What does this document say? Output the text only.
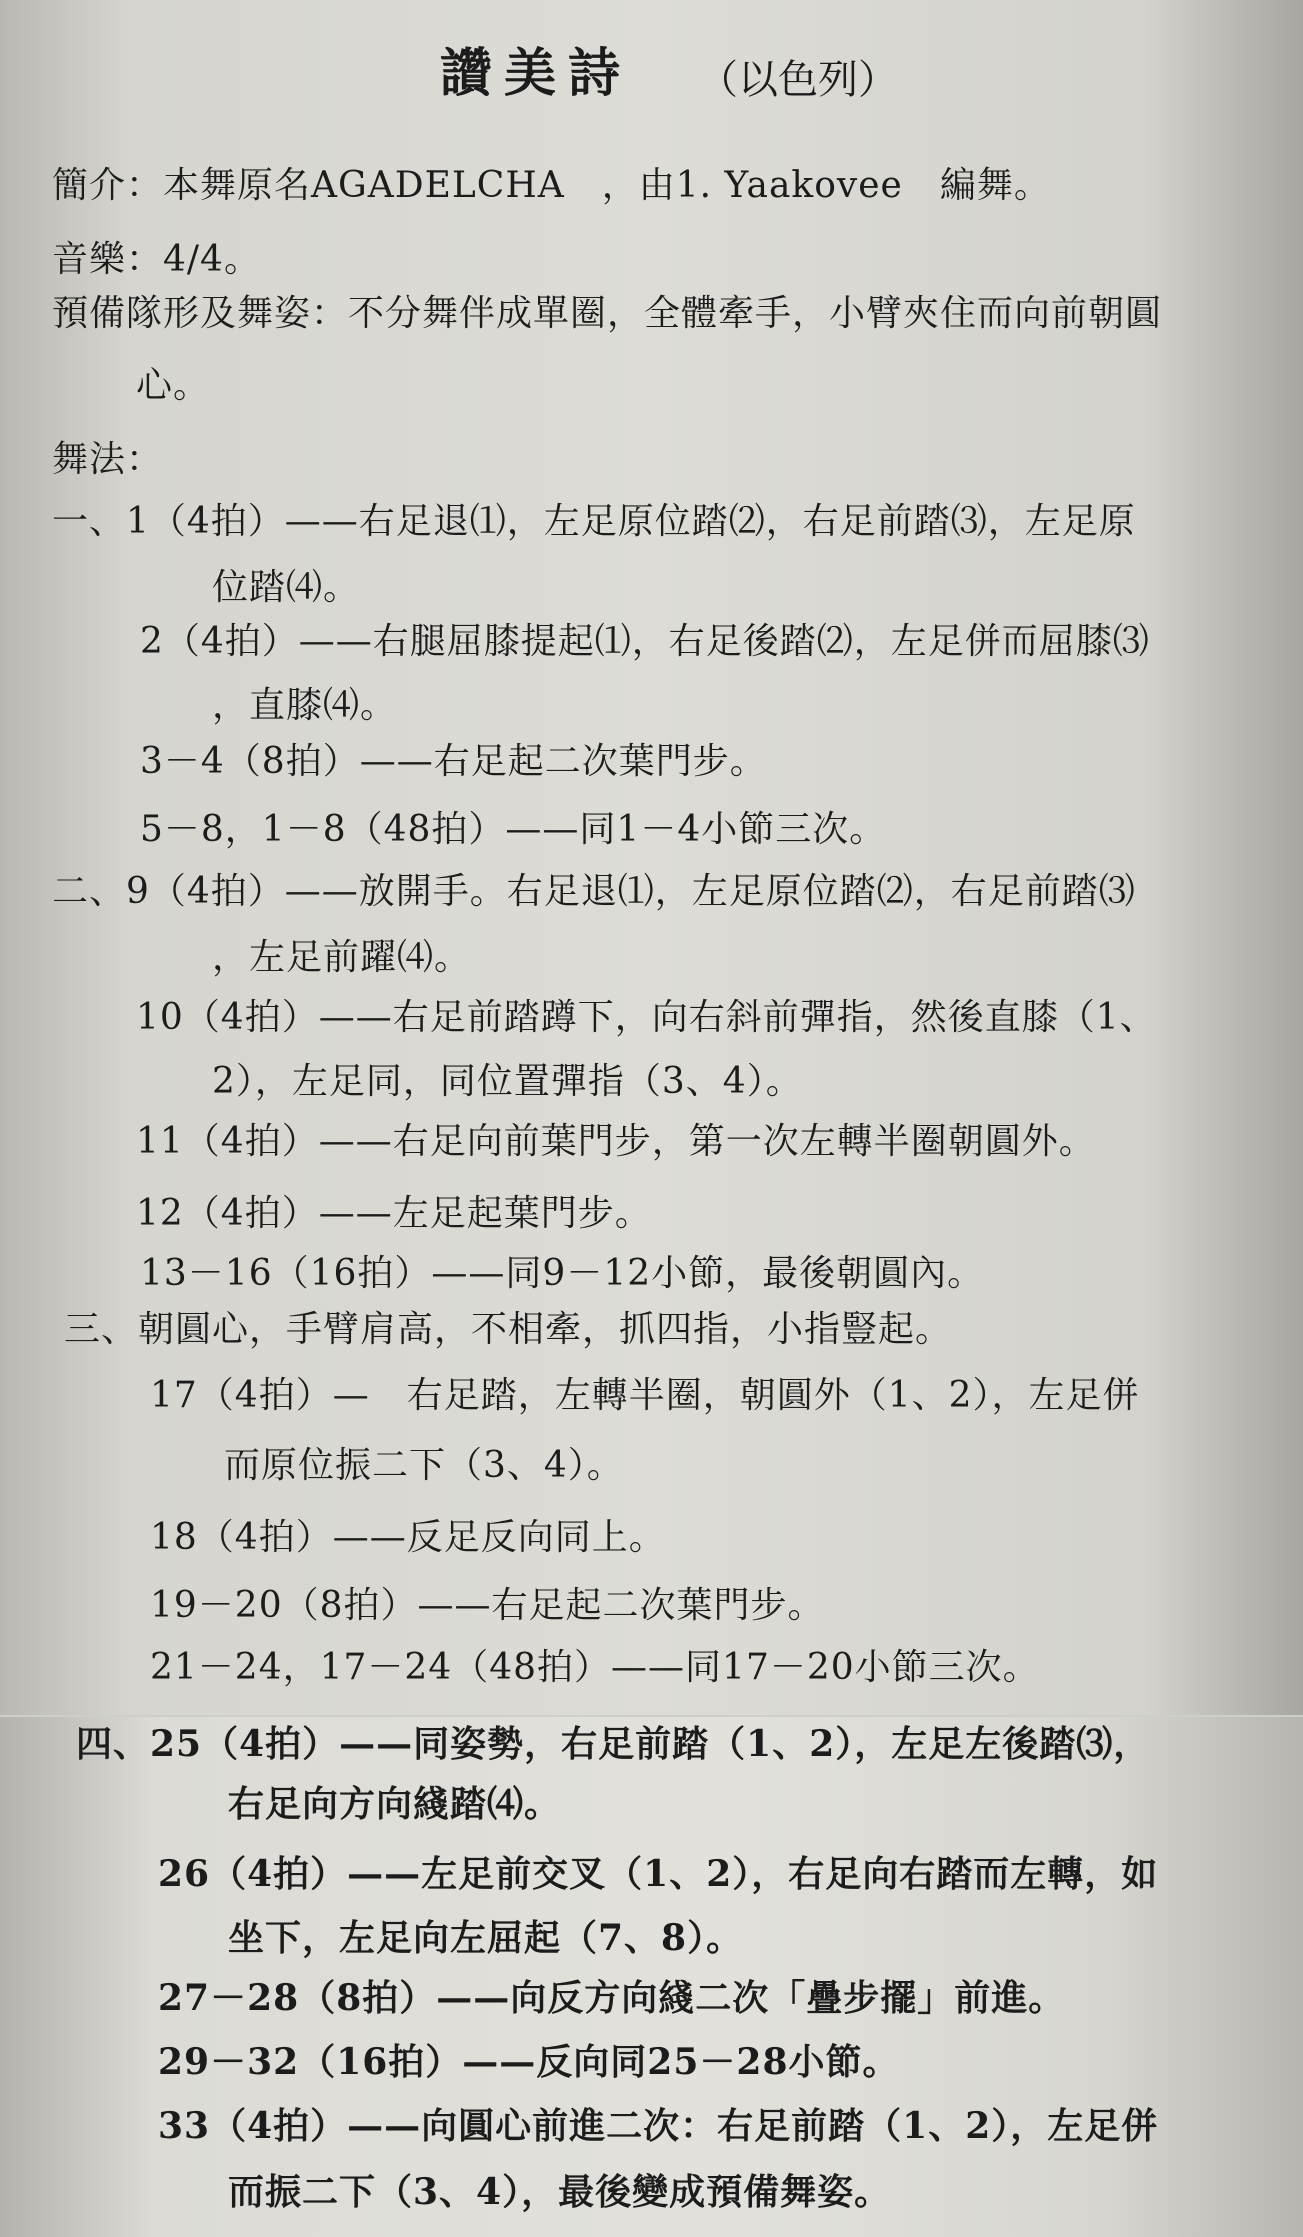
讚美詩 （以色列）
簡介：本舞原名AGADELCHA　，由1. Yaakovee　編舞。
音樂：4/4。
預備隊形及舞姿：不分舞伴成單圈，全體牽手，小臂夾住而向前朝圓
心。
舞法：
一、1（4拍）——右足退⑴，左足原位踏⑵，右足前踏⑶，左足原
位踏⑷。
2（4拍）——右腿屈膝提起⑴，右足後踏⑵，左足併而屈膝⑶
，直膝⑷。
3－4（8拍）——右足起二次葉門步。
5－8，1－8（48拍）——同1－4小節三次。
二、9（4拍）——放開手。右足退⑴，左足原位踏⑵，右足前踏⑶
，左足前躍⑷。
10（4拍）——右足前踏蹲下，向右斜前彈指，然後直膝（1、
2），左足同，同位置彈指（3、4）。
11（4拍）——右足向前葉門步，第一次左轉半圈朝圓外。
12（4拍）——左足起葉門步。
13－16（16拍）——同9－12小節，最後朝圓內。
三、朝圓心，手臂肩高，不相牽，抓四指，小指豎起。
17（4拍）—　右足踏，左轉半圈，朝圓外（1、2），左足併
而原位振二下（3、4）。
18（4拍）——反足反向同上。
19－20（8拍）——右足起二次葉門步。
21－24，17－24（48拍）——同17－20小節三次。
四、25（4拍）——同姿勢，右足前踏（1、2），左足左後踏⑶，
右足向方向綫踏⑷。
26（4拍）——左足前交叉（1、2），右足向右踏而左轉，如
坐下，左足向左屈起（7、8）。
27－28（8拍）——向反方向綫二次「疊步擺」前進。
29－32（16拍）——反向同25－28小節。
33（4拍）——向圓心前進二次：右足前踏（1、2），左足併
而振二下（3、4），最後變成預備舞姿。
